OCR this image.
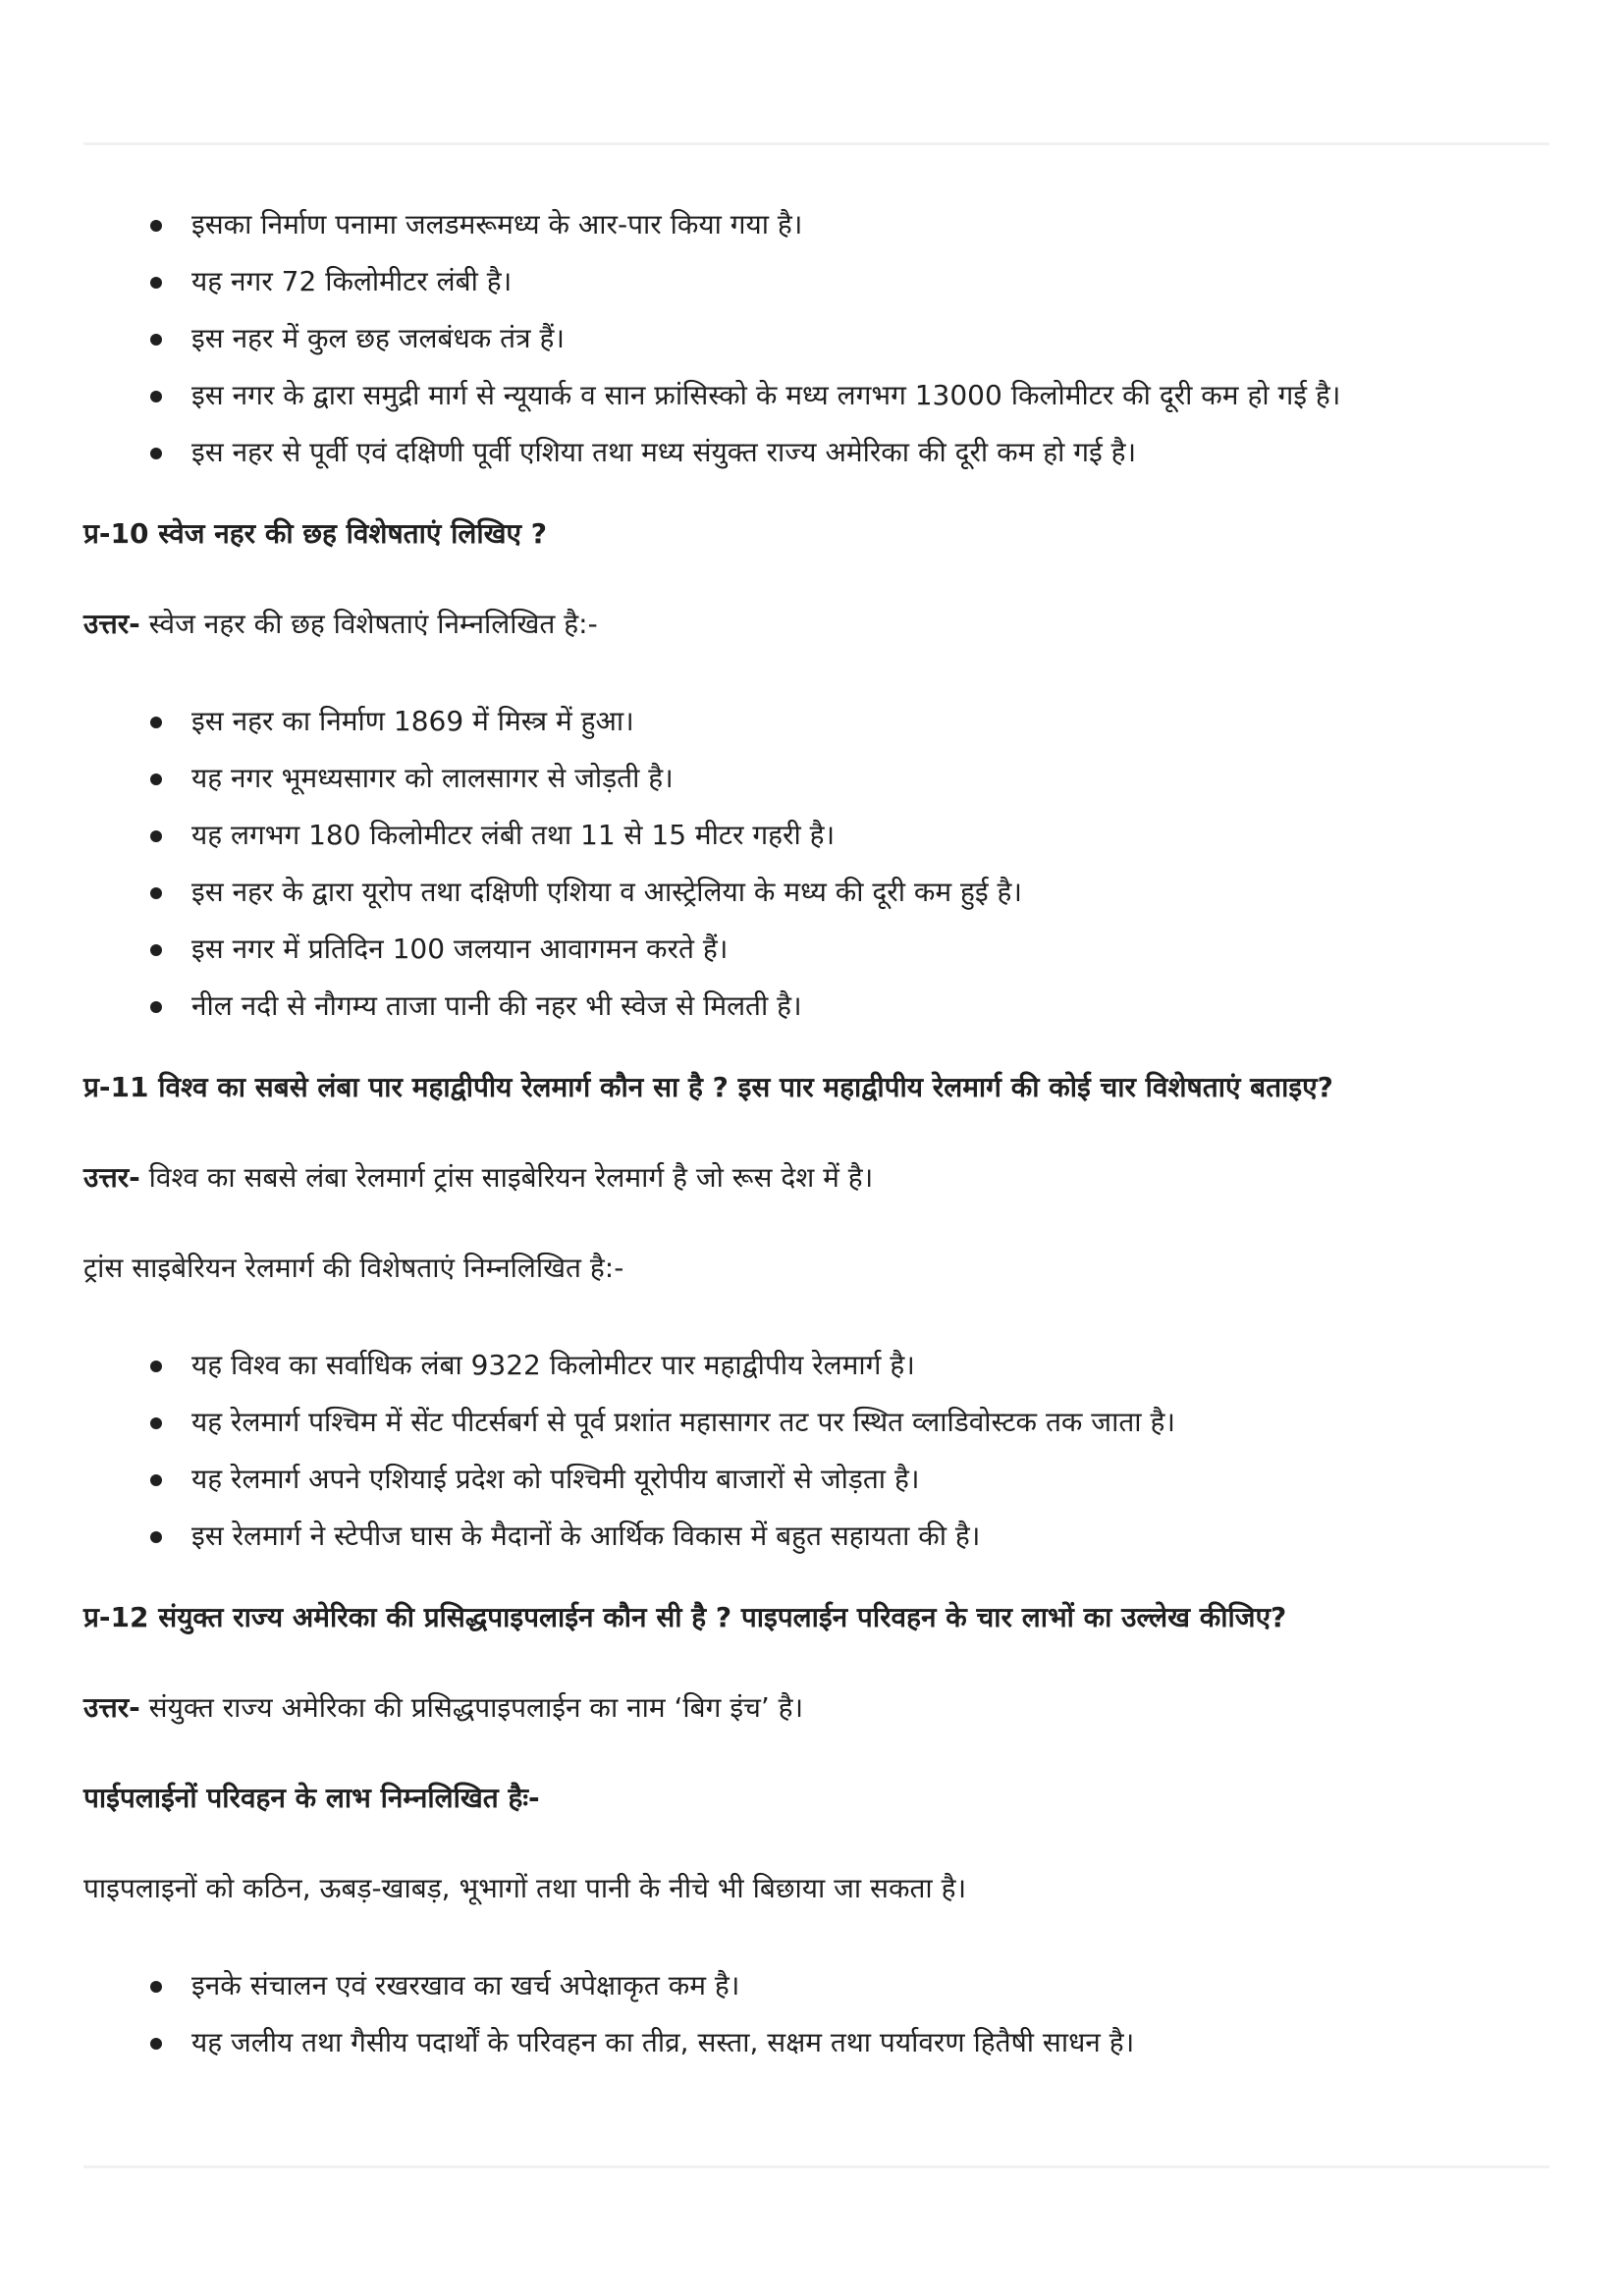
इसका निर्माण पनामा जलडमरूमध्य के आर-पार किया गया है।
यह नगर 72 किलोमीटर लंबी है।
इस नहर में कुल छह जलबंधक तंत्र हैं।
इस नगर के द्वारा समुद्री मार्ग से न्यूयार्क व सान फ्रांसिस्को के मध्य लगभग 13000 किलोमीटर की दूरी कम हो गई है।
इस नहर से पूर्वी एवं दक्षिणी पूर्वी एशिया तथा मध्य संयुक्त राज्य अमेरिका की दूरी कम हो गई है।

प्र-10 स्वेज नहर की छह विशेषताएं लिखिए ?

उत्तर- स्वेज नहर की छह विशेषताएं निम्नलिखित है:-

इस नहर का निर्माण 1869 में मिस्त्र में हुआ।
यह नगर भूमध्यसागर को लालसागर से जोड़ती है।
यह लगभग 180 किलोमीटर लंबी तथा 11 से 15 मीटर गहरी है।
इस नहर के द्वारा यूरोप तथा दक्षिणी एशिया व आस्ट्रेलिया के मध्य की दूरी कम हुई है।
इस नगर में प्रतिदिन 100 जलयान आवागमन करते हैं।
नील नदी से नौगम्य ताजा पानी की नहर भी स्वेज से मिलती है।

प्र-11 विश्व का सबसे लंबा पार महाद्वीपीय रेलमार्ग कौन सा है ? इस पार महाद्वीपीय रेलमार्ग की कोई चार विशेषताएं बताइए?

उत्तर- विश्व का सबसे लंबा रेलमार्ग ट्रांस साइबेरियन रेलमार्ग है जो रूस देश में है।

ट्रांस साइबेरियन रेलमार्ग की विशेषताएं निम्नलिखित है:-

यह विश्व का सर्वाधिक लंबा 9322 किलोमीटर पार महाद्वीपीय रेलमार्ग है।
यह रेलमार्ग पश्चिम में सेंट पीटर्सबर्ग से पूर्व प्रशांत महासागर तट पर स्थित व्लाडिवोस्टक तक जाता है।
यह रेलमार्ग अपने एशियाई प्रदेश को पश्चिमी यूरोपीय बाजारों से जोड़ता है।
इस रेलमार्ग ने स्टेपीज घास के मैदानों के आर्थिक विकास में बहुत सहायता की है।

प्र-12 संयुक्त राज्य अमेरिका की प्रसिद्धपाइपलाईन कौन सी है ? पाइपलाईन परिवहन के चार लाभों का उल्लेख कीजिए?

उत्तर- संयुक्त राज्य अमेरिका की प्रसिद्धपाइपलाईन का नाम ‘बिग इंच’ है।

पाईपलाईनों परिवहन के लाभ निम्नलिखित हैः-

पाइपलाइनों को कठिन, ऊबड़-खाबड़, भूभागों तथा पानी के नीचे भी बिछाया जा सकता है।

इनके संचालन एवं रखरखाव का खर्च अपेक्षाकृत कम है।
यह जलीय तथा गैसीय पदार्थों के परिवहन का तीव्र, सस्ता, सक्षम तथा पर्यावरण हितैषी साधन है।
